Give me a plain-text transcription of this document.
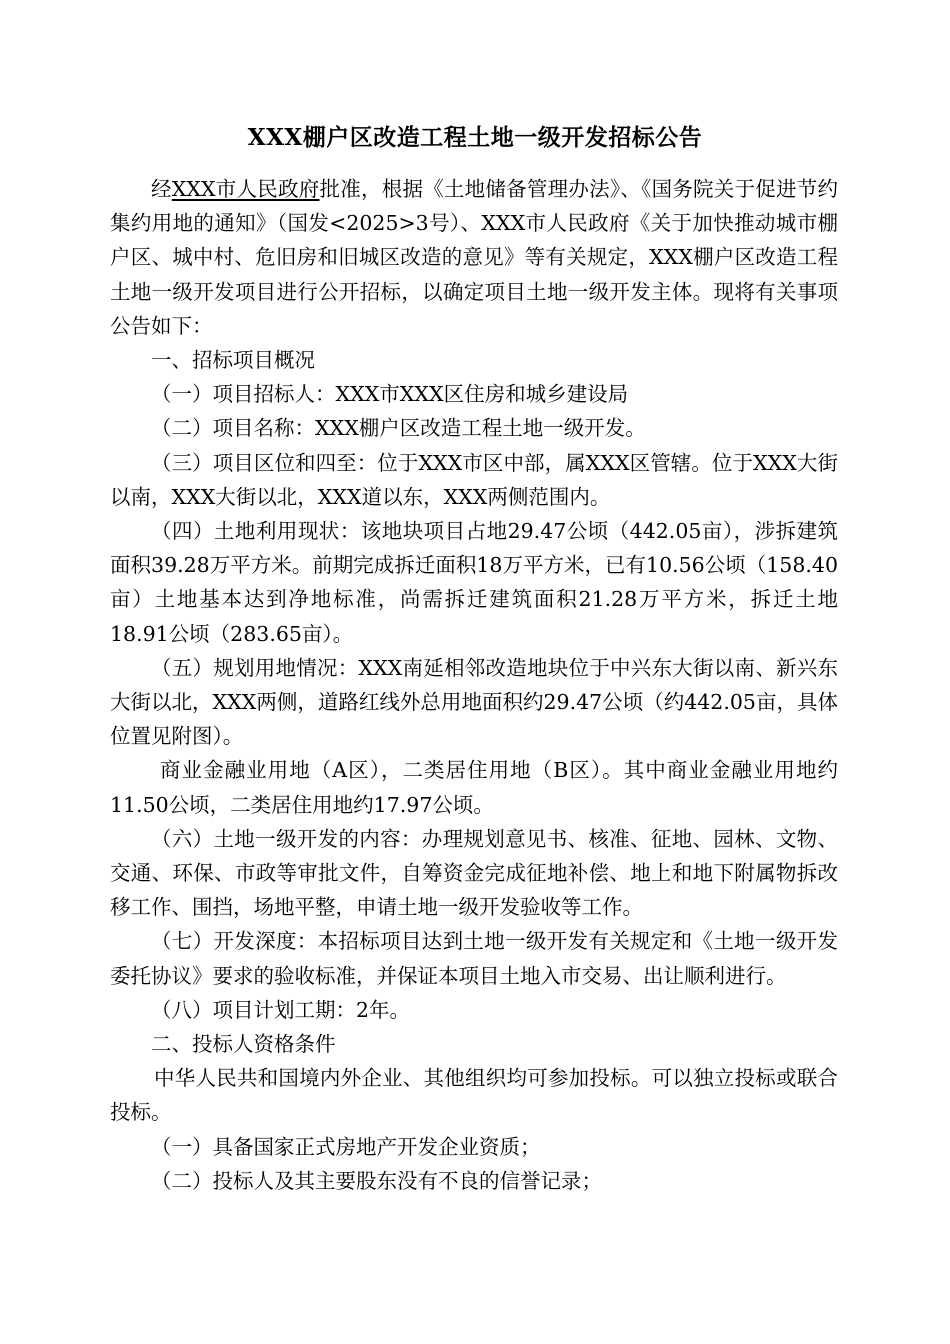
XXX棚户区改造工程土地一级开发招标公告

经XXX市人民政府批准，根据《土地储备管理办法》、《国务院关于促进节约集约用地的通知》（国发<2025>3号）、XXX市人民政府《关于加快推动城市棚户区、城中村、危旧房和旧城区改造的意见》等有关规定，XXX棚户区改造工程土地一级开发项目进行公开招标，以确定项目土地一级开发主体。现将有关事项公告如下：

一、招标项目概况

（一）项目招标人：XXX市XXX区住房和城乡建设局

（二）项目名称：XXX棚户区改造工程土地一级开发。

（三）项目区位和四至：位于XXX市区中部，属XXX区管辖。位于XXX大街以南，XXX大街以北，XXX道以东，XXX两侧范围内。

（四）土地利用现状：该地块项目占地29.47公顷（442.05亩），涉拆建筑面积39.28万平方米。前期完成拆迁面积18万平方米，已有10.56公顷（158.40亩）土地基本达到净地标准，尚需拆迁建筑面积21.28万平方米，拆迁土地18.91公顷（283.65亩）。

（五）规划用地情况：XXX南延相邻改造地块位于中兴东大街以南、新兴东大街以北，XXX两侧，道路红线外总用地面积约29.47公顷（约442.05亩，具体位置见附图）。

商业金融业用地（A区），二类居住用地（B区）。其中商业金融业用地约11.50公顷，二类居住用地约17.97公顷。

（六）土地一级开发的内容：办理规划意见书、核准、征地、园林、文物、交通、环保、市政等审批文件，自筹资金完成征地补偿、地上和地下附属物拆改移工作、围挡，场地平整，申请土地一级开发验收等工作。

（七）开发深度：本招标项目达到土地一级开发有关规定和《土地一级开发委托协议》要求的验收标准，并保证本项目土地入市交易、出让顺利进行。

（八）项目计划工期：2年。

二、投标人资格条件

中华人民共和国境内外企业、其他组织均可参加投标。可以独立投标或联合投标。

（一）具备国家正式房地产开发企业资质；

（二）投标人及其主要股东没有不良的信誉记录；
